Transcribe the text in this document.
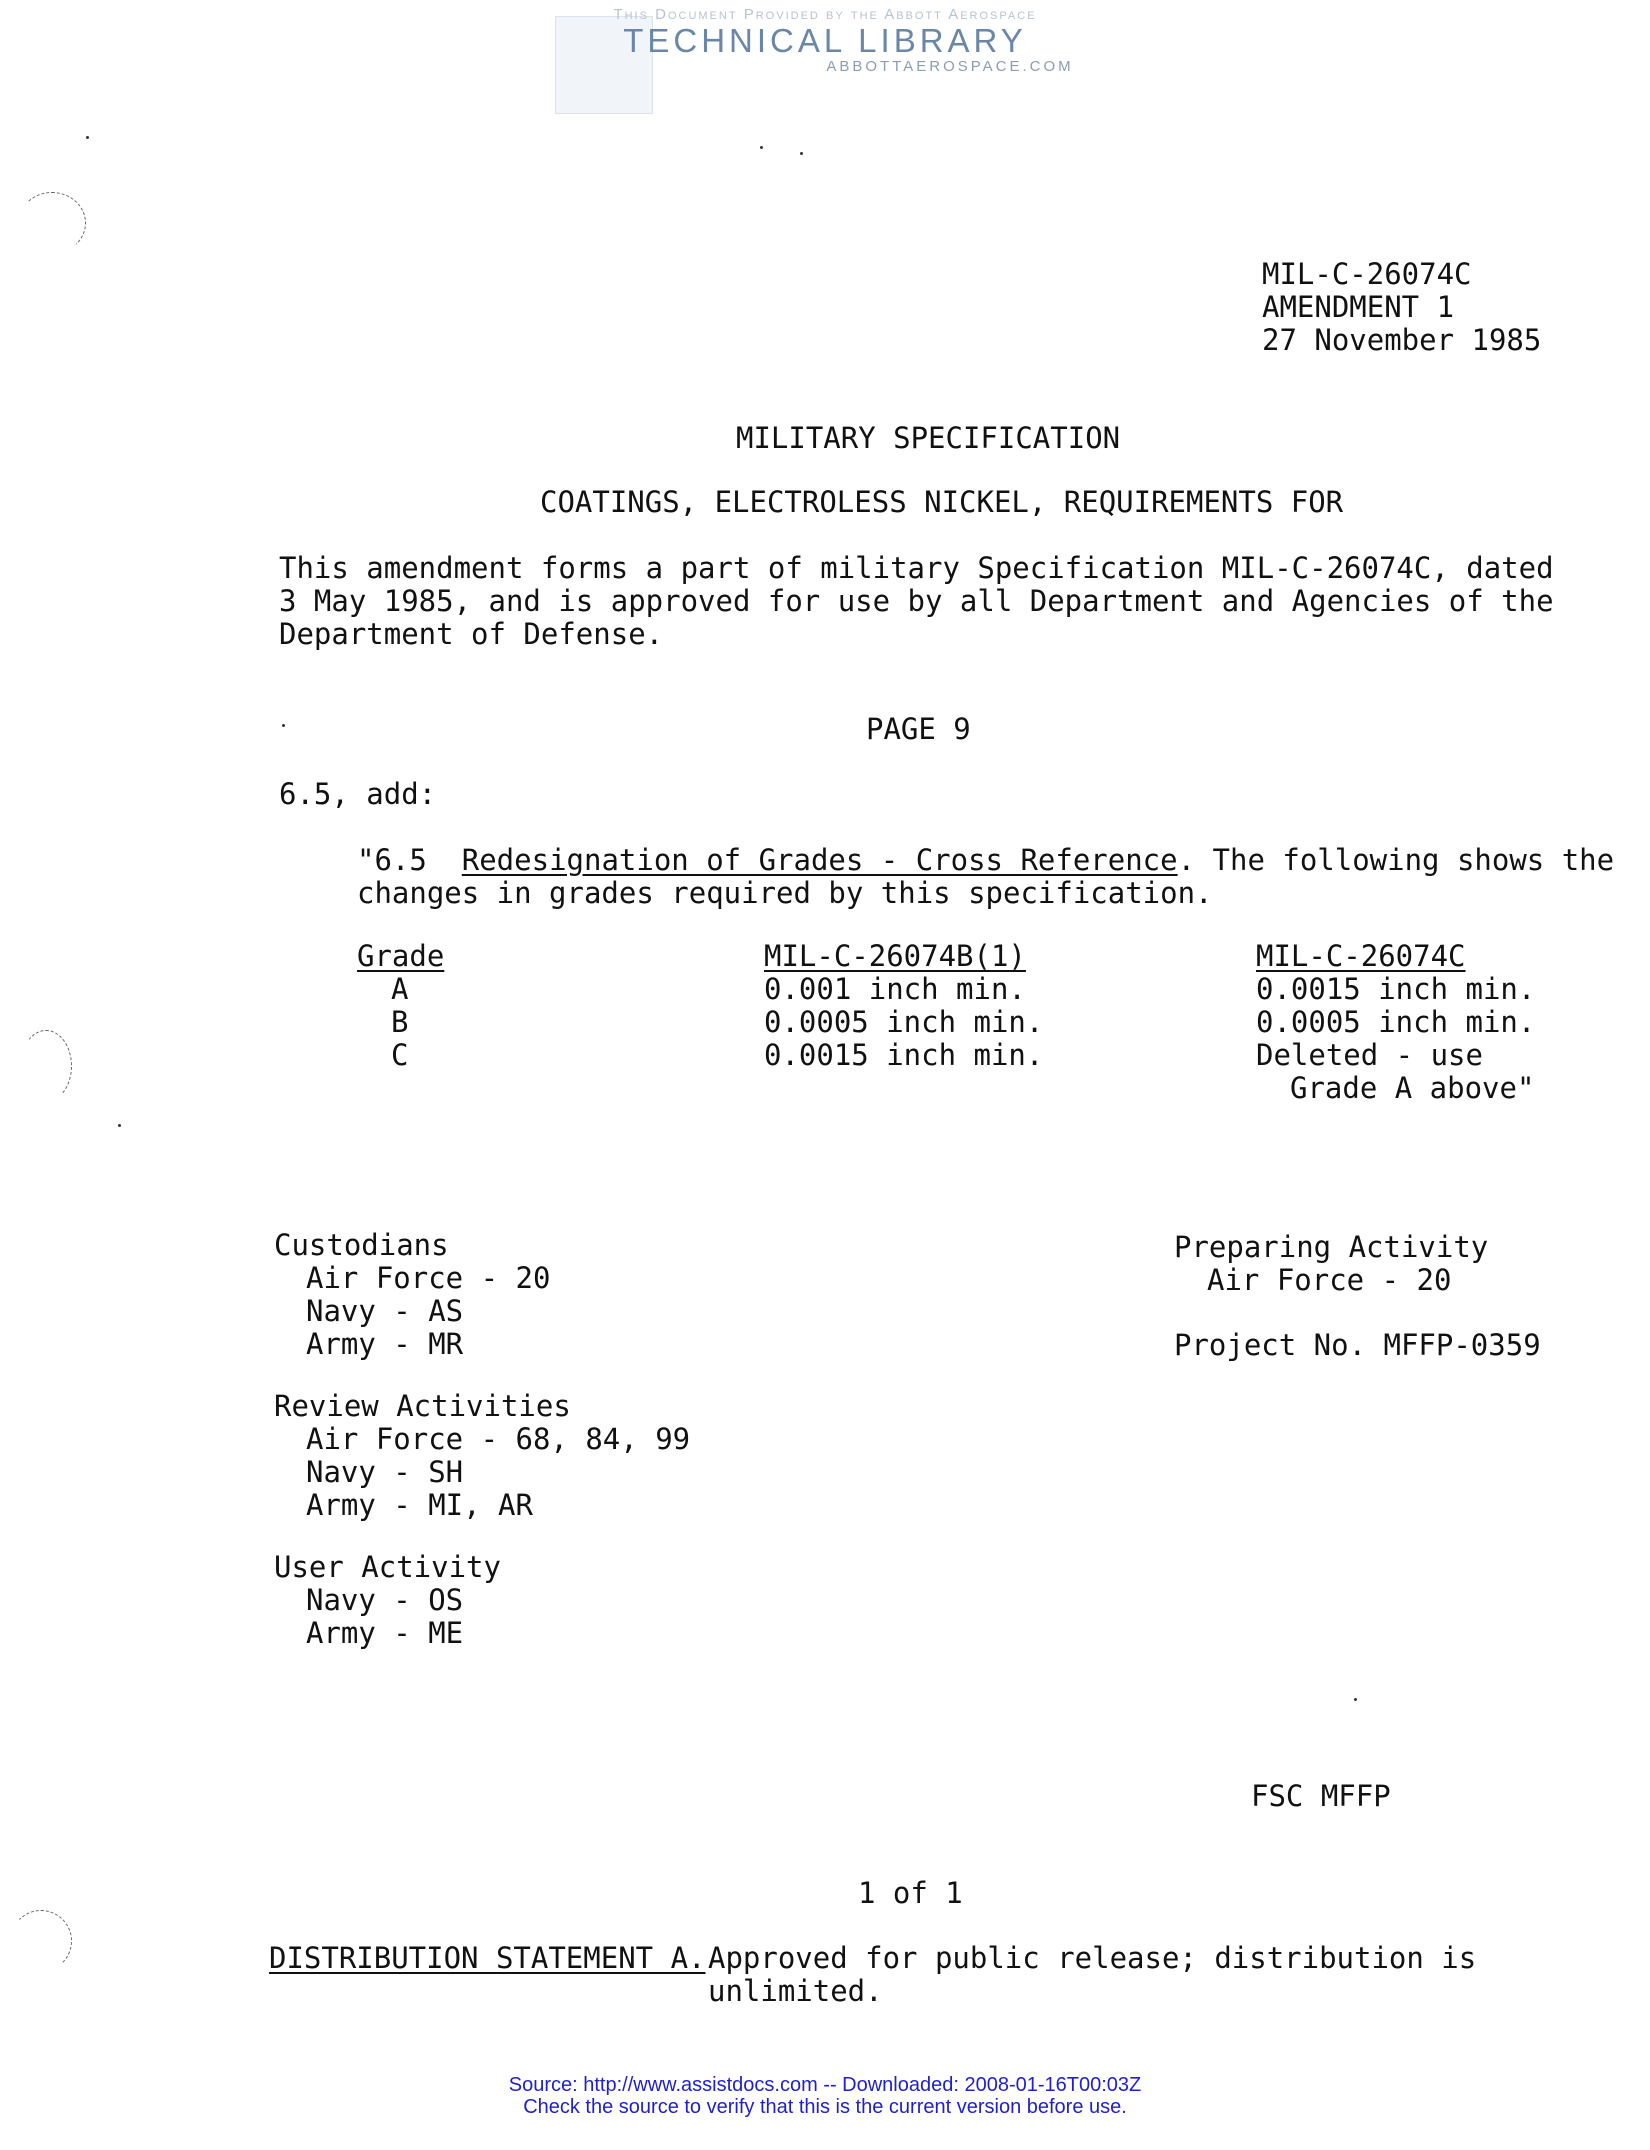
This Document Provided by the Abbott Aerospace
TECHNICAL LIBRARY
ABBOTTAEROSPACE.COM
MIL-C-26074C
AMENDMENT 1
27 November 1985
MILITARY SPECIFICATION
COATINGS, ELECTROLESS NICKEL, REQUIREMENTS FOR
This amendment forms a part of military Specification MIL-C-26074C, dated
3 May 1985, and is approved for use by all Department and Agencies of the
Department of Defense.
PAGE 9
6.5, add:
"6.5 Redesignation of Grades - Cross Reference. The following shows the
changes in grades required by this specification.
Grade	MIL-C-26074B(1)	MIL-C-26074C
A	0.001 inch min.	0.0015 inch min.
B	0.0005 inch min.	0.0005 inch min.
C	0.0015 inch min.	Deleted - use
Grade A above"
Custodians
Air Force - 20
Navy - AS
Army - MR
Review Activities
Air Force - 68, 84, 99
Navy - SH
Army - MI, AR
User Activity
Navy - OS
Army - ME
Preparing Activity
Air Force - 20
Project No. MFFP-0359
FSC MFFP
1 of 1
DISTRIBUTION STATEMENT A. Approved for public release; distribution is
unlimited.
Source: http://www.assistdocs.com -- Downloaded: 2008-01-16T00:03Z
Check the source to verify that this is the current version before use.
